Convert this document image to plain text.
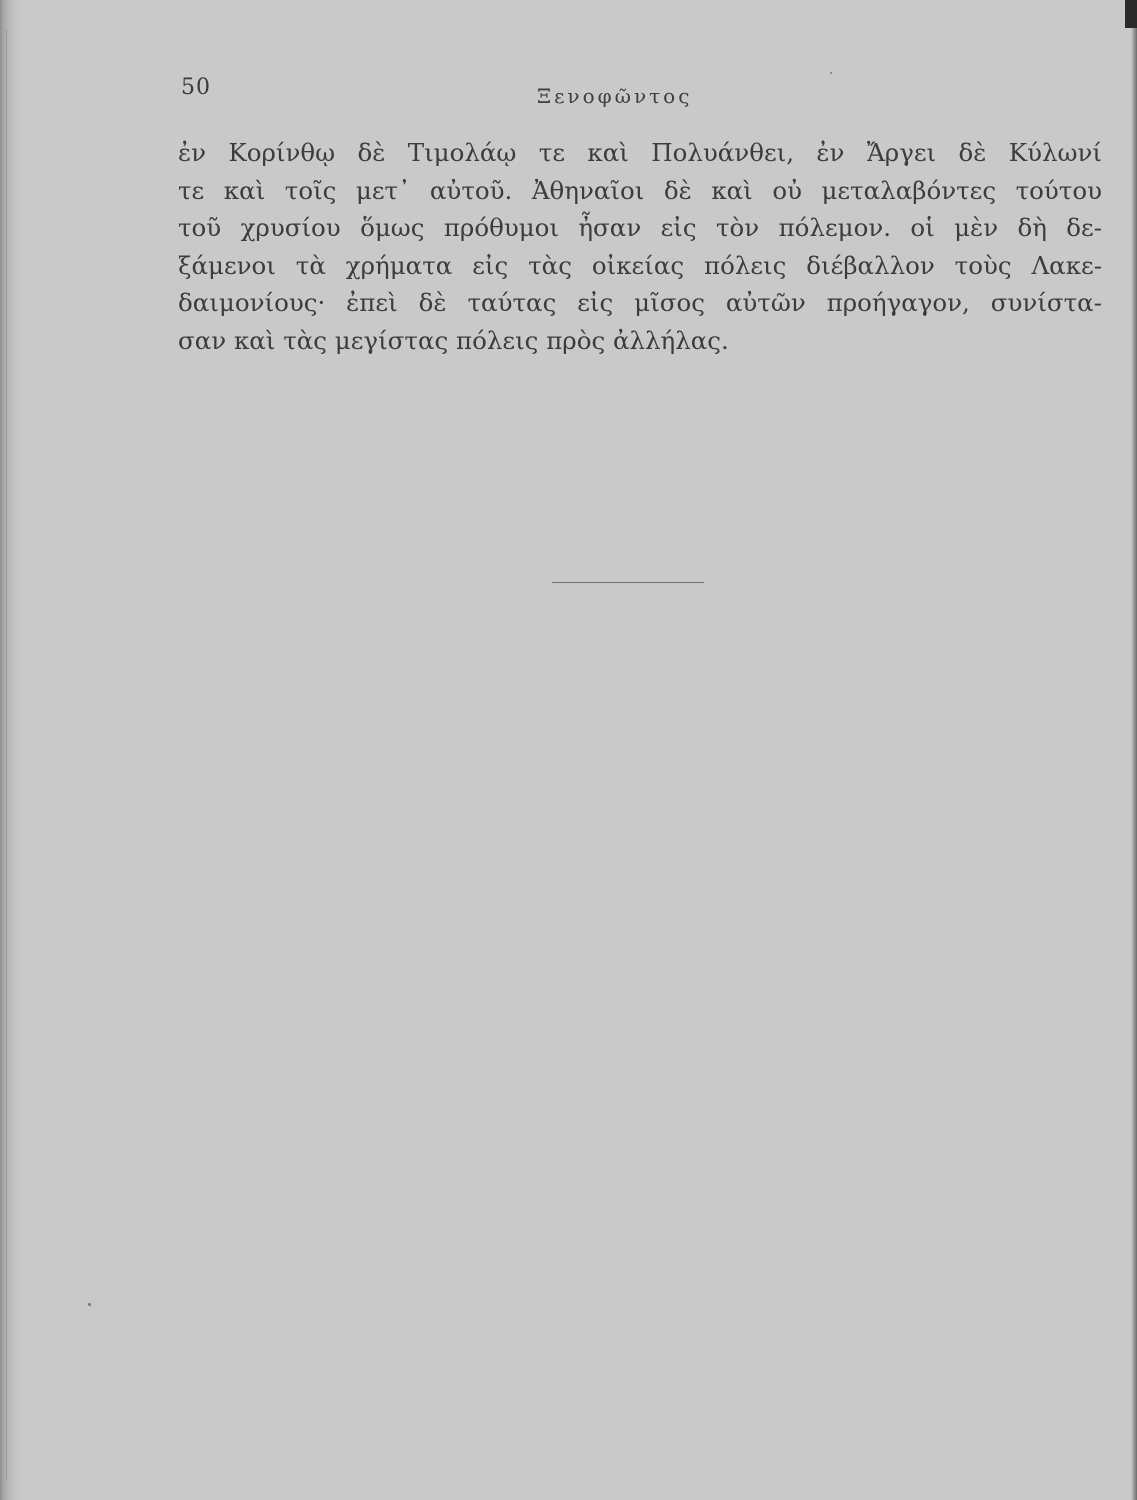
50	Ξενοφῶντος

ἐν Κορίνθῳ δὲ Τιμολάῳ τε καὶ Πολυάνθει, ἐν Ἄργει δὲ Κύλωνί
τε καὶ τοῖς μετ᾽ αὐτοῦ. Ἀθηναῖοι δὲ καὶ οὐ μεταλαβόντες τούτου
τοῦ χρυσίου ὅμως πρόθυμοι ἦσαν εἰς τὸν πόλεμον. οἱ μὲν δὴ δε-
ξάμενοι τὰ χρήματα εἰς τὰς οἰκείας πόλεις διέβαλλον τοὺς Λακε-
δαιμονίους· ἐπεὶ δὲ ταύτας εἰς μῖσος αὐτῶν προήγαγον, συνίστα-
σαν καὶ τὰς μεγίστας πόλεις πρὸς ἀλλήλας.
